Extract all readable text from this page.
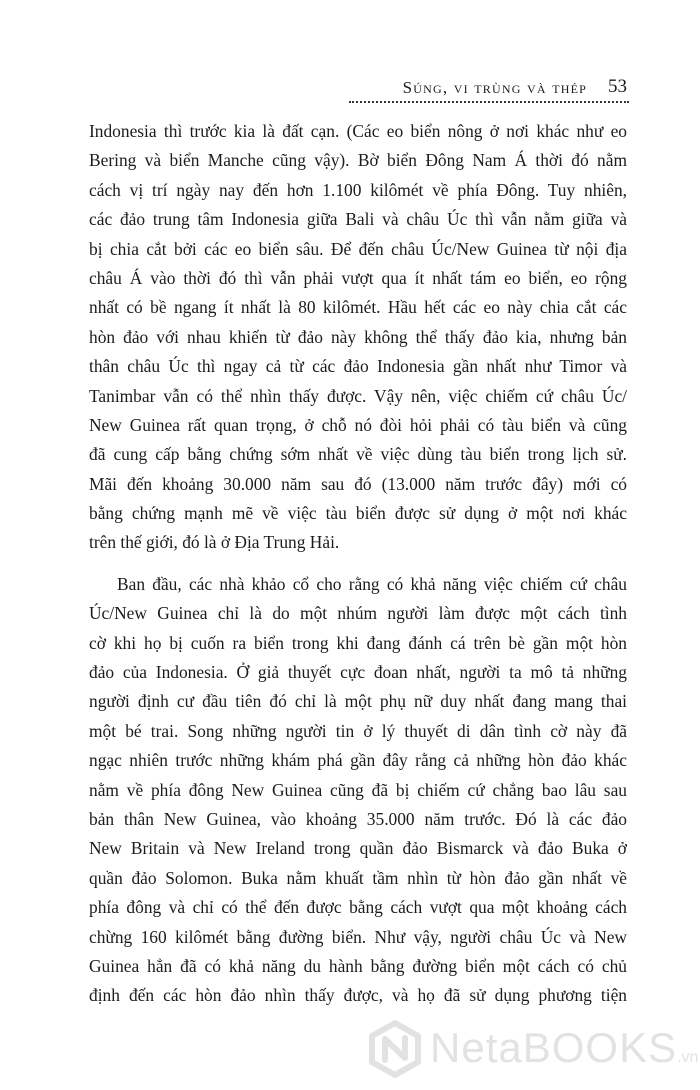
Súng, vi trùng và thép 53
Indonesia thì trước kia là đất cạn. (Các eo biển nông ở nơi khác như eo
Bering và biển Manche cũng vậy). Bờ biển Đông Nam Á thời đó nằm
cách vị trí ngày nay đến hơn 1.100 kilômét về phía Đông. Tuy nhiên,
các đảo trung tâm Indonesia giữa Bali và châu Úc thì vẫn nằm giữa và
bị chia cắt bởi các eo biển sâu. Để đến châu Úc/New Guinea từ nội địa
châu Á vào thời đó thì vẫn phải vượt qua ít nhất tám eo biển, eo rộng
nhất có bề ngang ít nhất là 80 kilômét. Hầu hết các eo này chia cắt các
hòn đảo với nhau khiến từ đảo này không thể thấy đảo kia, nhưng bản
thân châu Úc thì ngay cả từ các đảo Indonesia gần nhất như Timor và
Tanimbar vẫn có thể nhìn thấy được. Vậy nên, việc chiếm cứ châu Úc/
New Guinea rất quan trọng, ở chỗ nó đòi hỏi phải có tàu biển và cũng
đã cung cấp bằng chứng sớm nhất về việc dùng tàu biển trong lịch sử.
Mãi đến khoảng 30.000 năm sau đó (13.000 năm trước đây) mới có
bằng chứng mạnh mẽ về việc tàu biển được sử dụng ở một nơi khác
trên thế giới, đó là ở Địa Trung Hải.
Ban đầu, các nhà khảo cổ cho rằng có khả năng việc chiếm cứ châu
Úc/New Guinea chỉ là do một nhúm người làm được một cách tình
cờ khi họ bị cuốn ra biển trong khi đang đánh cá trên bè gần một hòn
đảo của Indonesia. Ở giả thuyết cực đoan nhất, người ta mô tả những
người định cư đầu tiên đó chỉ là một phụ nữ duy nhất đang mang thai
một bé trai. Song những người tin ở lý thuyết di dân tình cờ này đã
ngạc nhiên trước những khám phá gần đây rằng cả những hòn đảo khác
nằm về phía đông New Guinea cũng đã bị chiếm cứ chẳng bao lâu sau
bản thân New Guinea, vào khoảng 35.000 năm trước. Đó là các đảo
New Britain và New Ireland trong quần đảo Bismarck và đảo Buka ở
quần đảo Solomon. Buka nằm khuất tầm nhìn từ hòn đảo gần nhất về
phía đông và chỉ có thể đến được bằng cách vượt qua một khoảng cách
chừng 160 kilômét bằng đường biển. Như vậy, người châu Úc và New
Guinea hẳn đã có khả năng du hành bằng đường biển một cách có chủ
định đến các hòn đảo nhìn thấy được, và họ đã sử dụng phương tiện
NetaBOOKS.vn
